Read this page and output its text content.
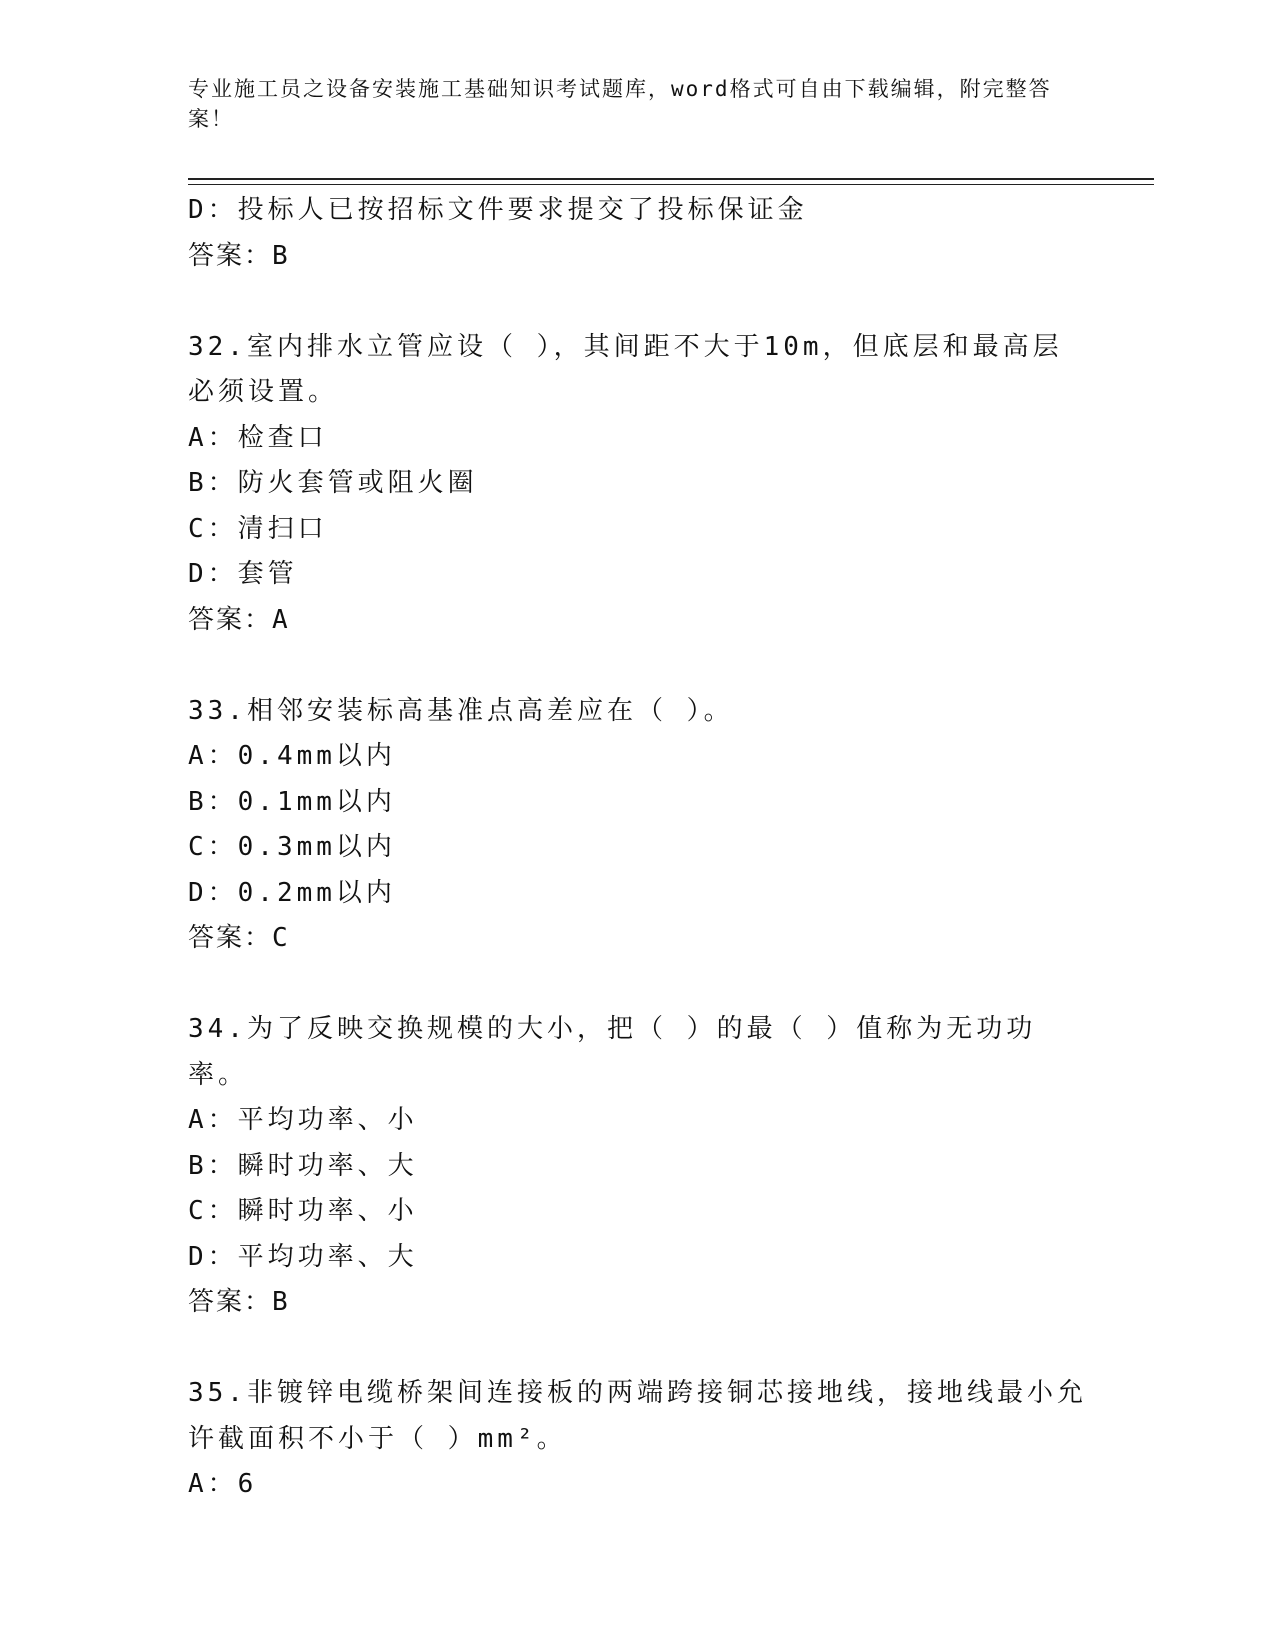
专业施工员之设备安装施工基础知识考试题库，word格式可自由下载编辑，附完整答案！

D：投标人已按招标文件要求提交了投标保证金

答案：B

32.室内排水立管应设（ ），其间距不大于10m，但底层和最高层必须设置。

A：检查口

B：防火套管或阻火圈

C：清扫口

D：套管

答案：A

33.相邻安装标高基准点高差应在（ ）。

A：0.4mm以内

B：0.1mm以内

C：0.3mm以内

D：0.2mm以内

答案：C

34.为了反映交换规模的大小，把（ ）的最（ ）值称为无功功率。

A：平均功率、小

B：瞬时功率、大

C：瞬时功率、小

D：平均功率、大

答案：B

35.非镀锌电缆桥架间连接板的两端跨接铜芯接地线，接地线最小允许截面积不小于（ ）mm²。

A：6
